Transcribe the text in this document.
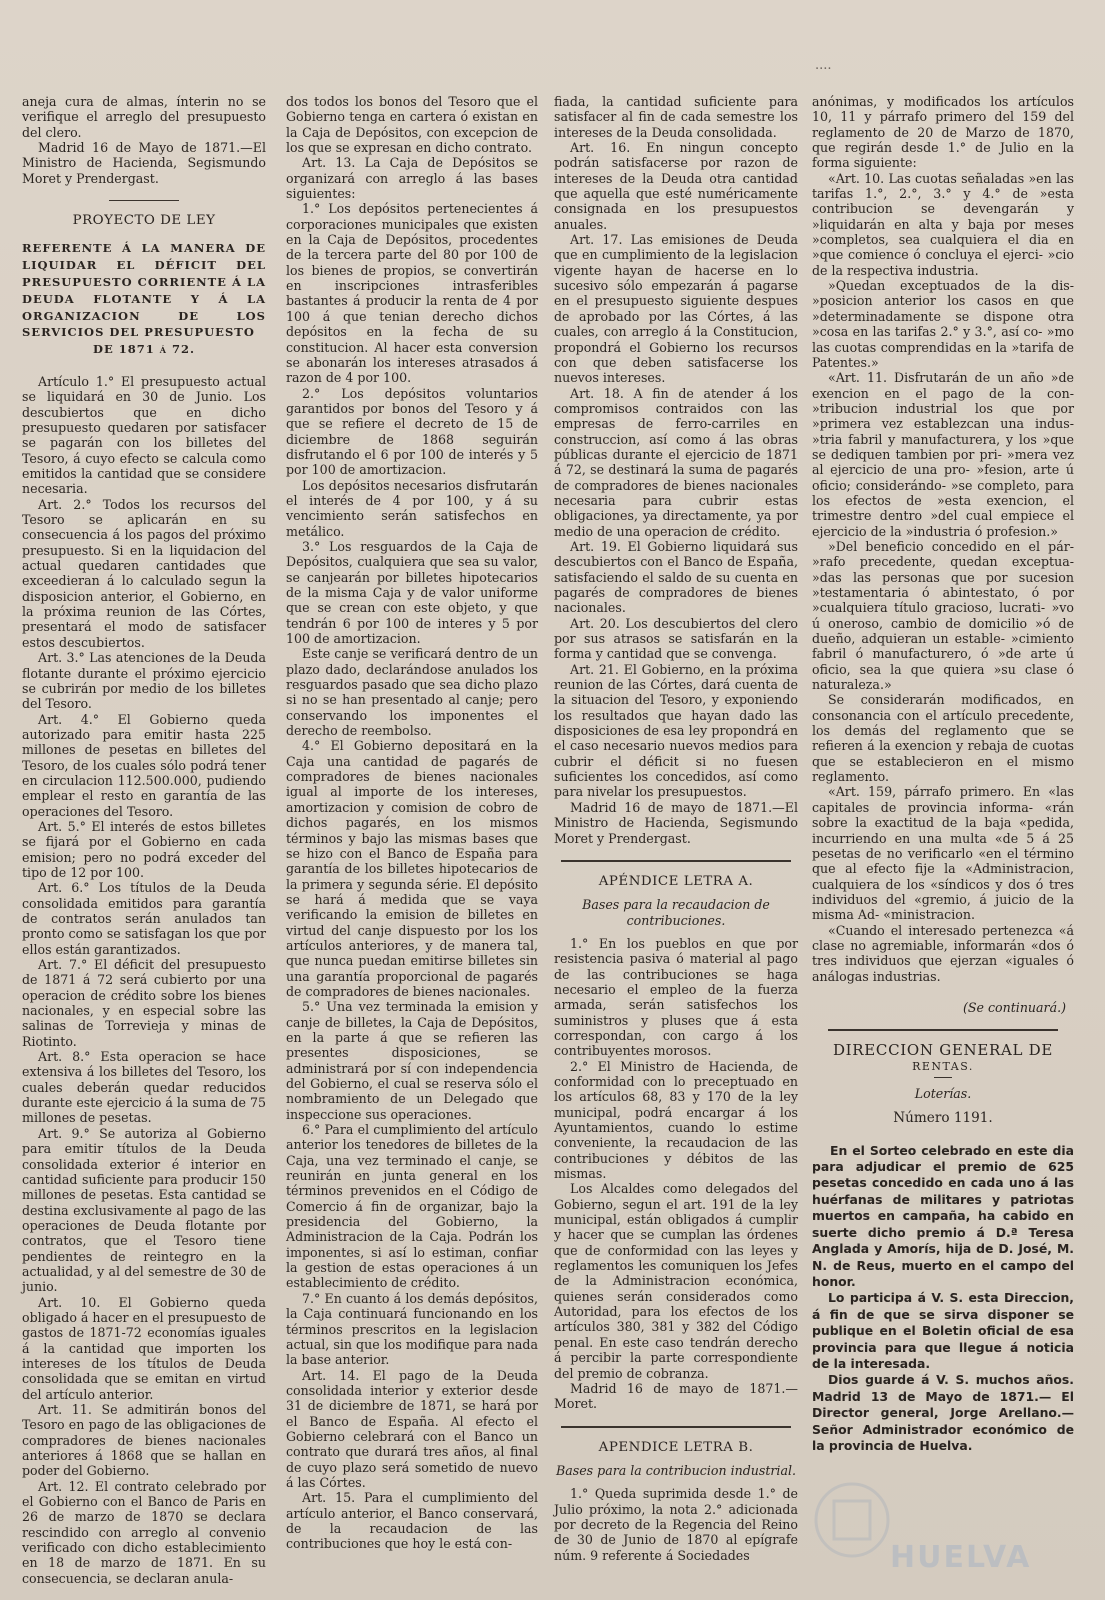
....

aneja cura de almas, ínterin no se verifique el arreglo del presupuesto del clero.

Madrid 16 de Mayo de 1871.—El Ministro de Hacienda, Segismundo Moret y Prendergast.

PROYECTO DE LEY
REFERENTE Á LA MANERA DE LIQUIDAR EL DÉFICIT DEL PRESUPUESTO CORRIENTE Á LA DEUDA FLOTANTE Y Á LA ORGANIZACION DE LOS SERVICIOS DEL PRESUPUESTO
DE 1871 á 72.

Artículo 1.° El presupuesto actual se liquidará en 30 de Junio. Los descubiertos que en dicho presupuesto quedaren por satisfacer se pagarán con los billetes del Tesoro, á cuyo efecto se calcula como emitidos la cantidad que se considere necesaria.

Art. 2.° Todos los recursos del Tesoro se aplicarán en su consecuencia á los pagos del próximo presupuesto. Si en la liquidacion del actual quedaren cantidades que exceedieran á lo calculado segun la disposicion anterior, el Gobierno, en la próxima reunion de las Córtes, presentará el modo de satisfacer estos descubiertos.

Art. 3.° Las atenciones de la Deuda flotante durante el próximo ejercicio se cubrirán por medio de los billetes del Tesoro.

Art. 4.° El Gobierno queda autorizado para emitir hasta 225 millones de pesetas en billetes del Tesoro, de los cuales sólo podrá tener en circulacion 112.500.000, pudiendo emplear el resto en garantía de las operaciones del Tesoro.

Art. 5.° El interés de estos billetes se fijará por el Gobierno en cada emision; pero no podrá exceder del tipo de 12 por 100.

Art. 6.° Los títulos de la Deuda consolidada emitidos para garantía de contratos serán anulados tan pronto como se satisfagan los que por ellos están garantizados.

Art. 7.° El déficit del presupuesto de 1871 á 72 será cubierto por una operacion de crédito sobre los bienes nacionales, y en especial sobre las salinas de Torrevieja y minas de Riotinto.

Art. 8.° Esta operacion se hace extensiva á los billetes del Tesoro, los cuales deberán quedar reducidos durante este ejercicio á la suma de 75 millones de pesetas.

Art. 9.° Se autoriza al Gobierno para emitir títulos de la Deuda consolidada exterior é interior en cantidad suficiente para producir 150 millones de pesetas. Esta cantidad se destina exclusivamente al pago de las operaciones de Deuda flotante por contratos, que el Tesoro tiene pendientes de reintegro en la actualidad, y al del semestre de 30 de junio.

Art. 10. El Gobierno queda obligado á hacer en el presupuesto de gastos de 1871-72 economías iguales á la cantidad que importen los intereses de los títulos de Deuda consolidada que se emitan en virtud del artículo anterior.

Art. 11. Se admitirán bonos del Tesoro en pago de las obligaciones de compradores de bienes nacionales anteriores á 1868 que se hallan en poder del Gobierno.

Art. 12. El contrato celebrado por el Gobierno con el Banco de Paris en 26 de marzo de 1870 se declara rescindido con arreglo al convenio verificado con dicho establecimiento en 18 de marzo de 1871. En su consecuencia, se declaran anula-

dos todos los bonos del Tesoro que el Gobierno tenga en cartera ó existan en la Caja de Depósitos, con excepcion de los que se expresan en dicho contrato.

Art. 13. La Caja de Depósitos se organizará con arreglo á las bases siguientes:

1.° Los depósitos pertenecientes á corporaciones municipales que existen en la Caja de Depósitos, procedentes de la tercera parte del 80 por 100 de los bienes de propios, se convertirán en inscripciones intrasferibles bastantes á producir la renta de 4 por 100 á que tenian derecho dichos depósitos en la fecha de su constitucion. Al hacer esta conversion se abonarán los intereses atrasados á razon de 4 por 100.

2.° Los depósitos voluntarios garantidos por bonos del Tesoro y á que se refiere el decreto de 15 de diciembre de 1868 seguirán disfrutando el 6 por 100 de interés y 5 por 100 de amortizacion.

Los depósitos necesarios disfrutarán el interés de 4 por 100, y á su vencimiento serán satisfechos en metálico.

3.° Los resguardos de la Caja de Depósitos, cualquiera que sea su valor, se canjearán por billetes hipotecarios de la misma Caja y de valor uniforme que se crean con este objeto, y que tendrán 6 por 100 de interes y 5 por 100 de amortizacion.

Este canje se verificará dentro de un plazo dado, declarándose anulados los resguardos pasado que sea dicho plazo si no se han presentado al canje; pero conservando los imponentes el derecho de reembolso.

4.° El Gobierno depositará en la Caja una cantidad de pagarés de compradores de bienes nacionales igual al importe de los intereses, amortizacion y comision de cobro de dichos pagarés, en los mismos términos y bajo las mismas bases que se hizo con el Banco de España para garantía de los billetes hipotecarios de la primera y segunda série. El depósito se hará á medida que se vaya verificando la emision de billetes en virtud del canje dispuesto por los los artículos anteriores, y de manera tal, que nunca puedan emitirse billetes sin una garantía proporcional de pagarés de compradores de bienes nacionales.

5.° Una vez terminada la emision y canje de billetes, la Caja de Depósitos, en la parte á que se refieren las presentes disposiciones, se administrará por sí con independencia del Gobierno, el cual se reserva sólo el nombramiento de un Delegado que inspeccione sus operaciones.

6.° Para el cumplimiento del artículo anterior los tenedores de billetes de la Caja, una vez terminado el canje, se reunirán en junta general en los términos prevenidos en el Código de Comercio á fin de organizar, bajo la presidencia del Gobierno, la Administracion de la Caja. Podrán los imponentes, si así lo estiman, confiar la gestion de estas operaciones á un establecimiento de crédito.

7.° En cuanto á los demás depósitos, la Caja continuará funcionando en los términos prescritos en la legislacion actual, sin que los modifique para nada la base anterior.

Art. 14. El pago de la Deuda consolidada interior y exterior desde 31 de diciembre de 1871, se hará por el Banco de España. Al efecto el Gobierno celebrará con el Banco un contrato que durará tres años, al final de cuyo plazo será sometido de nuevo á las Córtes.

Art. 15. Para el cumplimiento del artículo anterior, el Banco conservará, de la recaudacion de las contribuciones que hoy le está con-

fiada, la cantidad suficiente para satisfacer al fin de cada semestre los intereses de la Deuda consolidada.

Art. 16. En ningun concepto podrán satisfacerse por razon de intereses de la Deuda otra cantidad que aquella que esté numéricamente consignada en los presupuestos anuales.

Art. 17. Las emisiones de Deuda que en cumplimiento de la legislacion vigente hayan de hacerse en lo sucesivo sólo empezarán á pagarse en el presupuesto siguiente despues de aprobado por las Córtes, á las cuales, con arreglo á la Constitucion, propondrá el Gobierno los recursos con que deben satisfacerse los nuevos intereses.

Art. 18. A fin de atender á los compromisos contraidos con las empresas de ferro-carriles en construccion, así como á las obras públicas durante el ejercicio de 1871 á 72, se destinará la suma de pagarés de compradores de bienes nacionales necesaria para cubrir estas obligaciones, ya directamente, ya por medio de una operacion de crédito.

Art. 19. El Gobierno liquidará sus descubiertos con el Banco de España, satisfaciendo el saldo de su cuenta en pagarés de compradores de bienes nacionales.

Art. 20. Los descubiertos del clero por sus atrasos se satisfarán en la forma y cantidad que se convenga.

Art. 21. El Gobierno, en la próxima reunion de las Córtes, dará cuenta de la situacion del Tesoro, y exponiendo los resultados que hayan dado las disposiciones de esa ley propondrá en el caso necesario nuevos medios para cubrir el déficit si no fuesen suficientes los concedidos, así como para nivelar los presupuestos.

Madrid 16 de mayo de 1871.—El Ministro de Hacienda, Segismundo Moret y Prendergast.

APÉNDICE LETRA A.
Bases para la recaudacion de contribuciones.

1.° En los pueblos en que por resistencia pasiva ó material al pago de las contribuciones se haga necesario el empleo de la fuerza armada, serán satisfechos los suministros y pluses que á esta correspondan, con cargo á los contribuyentes morosos.

2.° El Ministro de Hacienda, de conformidad con lo preceptuado en los artículos 68, 83 y 170 de la ley municipal, podrá encargar á los Ayuntamientos, cuando lo estime conveniente, la recaudacion de las contribuciones y débitos de las mismas.

Los Alcaldes como delegados del Gobierno, segun el art. 191 de la ley municipal, están obligados á cumplir y hacer que se cumplan las órdenes que de conformidad con las leyes y reglamentos les comuniquen los Jefes de la Administracion económica, quienes serán considerados como Autoridad, para los efectos de los artículos 380, 381 y 382 del Código penal. En este caso tendrán derecho á percibir la parte correspondiente del premio de cobranza.

Madrid 16 de mayo de 1871.—Moret.

APENDICE LETRA B.
Bases para la contribucion industrial.

1.° Queda suprimida desde 1.° de Julio próximo, la nota 2.° adicionada por decreto de la Regencia del Reino de 30 de Junio de 1870 al epígrafe núm. 9 referente á Sociedades

anónimas, y modificados los artículos 10, 11 y párrafo primero del 159 del reglamento de 20 de Marzo de 1870, que regirán desde 1.° de Julio en la forma siguiente:

«Art. 10. Las cuotas señaladas »en las tarifas 1.°, 2.°, 3.° y 4.° de »esta contribucion se devengarán y »liquidarán en alta y baja por meses »completos, sea cualquiera el dia en »que comience ó concluya el ejerci- »cio de la respectiva industria.

»Quedan exceptuados de la dis- »posicion anterior los casos en que »determinadamente se dispone otra »cosa en las tarifas 2.° y 3.°, así co- »mo las cuotas comprendidas en la »tarifa de Patentes.»

«Art. 11. Disfrutarán de un año »de exencion en el pago de la con- »tribucion industrial los que por »primera vez establezcan una indus- »tria fabril y manufacturera, y los »que se dediquen tambien por pri- »mera vez al ejercicio de una pro- »fesion, arte ú oficio; considerándo- »se completo, para los efectos de »esta exencion, el trimestre dentro »del cual empiece el ejercicio de la »industria ó profesion.»

»Del beneficio concedido en el pár- »rafo precedente, quedan exceptua- »das las personas que por sucesion »testamentaria ó abintestato, ó por »cualquiera título gracioso, lucrati- »vo ú oneroso, cambio de domicilio »ó de dueño, adquieran un estable- »cimiento fabril ó manufacturero, ó »de arte ú oficio, sea la que quiera »su clase ó naturaleza.»

Se considerarán modificados, en consonancia con el artículo precedente, los demás del reglamento que se refieren á la exencion y rebaja de cuotas que se establecieron en el mismo reglamento.

«Art. 159, párrafo primero. En «las capitales de provincia informa- «rán sobre la exactitud de la baja «pedida, incurriendo en una multa «de 5 á 25 pesetas de no verificarlo «en el término que al efecto fije la «Administracion, cualquiera de los «síndicos y dos ó tres individuos del «gremio, á juicio de la misma Ad- «ministracion.

«Cuando el interesado pertenezca «á clase no agremiable, informarán «dos ó tres individuos que ejerzan «iguales ó análogas industrias.

(Se continuará.)
DIRECCION GENERAL DE
RENTAS.
Loterías.
Número 1191.

En el Sorteo celebrado en este dia para adjudicar el premio de 625 pesetas concedido en cada uno á las huérfanas de militares y patriotas muertos en campaña, ha cabido en suerte dicho premio á D.ª Teresa Anglada y Amorís, hija de D. José, M. N. de Reus, muerto en el campo del honor.

Lo participa á V. S. esta Direccion, á fin de que se sirva disponer se publique en el Boletin oficial de esa provincia para que llegue á noticia de la interesada.

Dios guarde á V. S. muchos años. Madrid 13 de Mayo de 1871.— El Director general, Jorge Arellano.—Señor Administrador económico de la provincia de Huelva.

HUELVA
